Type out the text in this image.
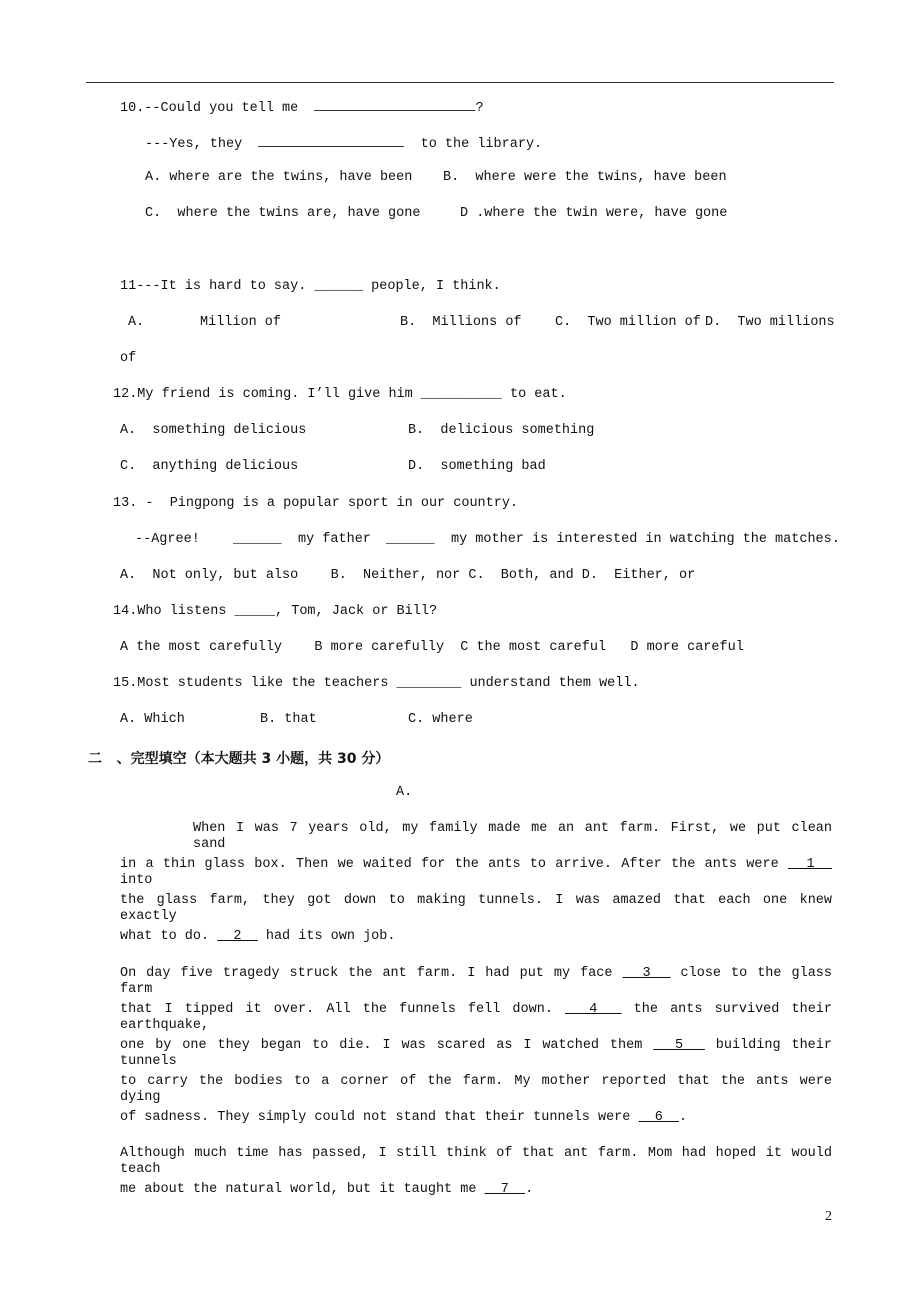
10.--Could you tell me	?
---Yes, they	to the library.
A. where are the twins, have been B.  where were the twins, have been
C.  where the twins are, have gone	D .where the twin were, have gone
11---It is hard to say. ______ people, I think.
A.	Million of	B.  Millions of C.  Two million of D.  Two millions
of
12.My friend is coming. I’ll give him __________ to eat.
A.  something delicious	B.  delicious something
C.  anything delicious	D.  something bad
13. -  Pingpong is a popular sport in our country.
--Agree! ______ my father ______ my mother is interested in watching the matches.
A.  Not only, but also    B.  Neither, nor C.  Both, and D.  Either, or
14.Who listens _____, Tom, Jack or Bill?
A the most carefully    B more carefully  C the most careful   D more careful
15.Most students like the teachers ________ understand them well.
A. Which	B. that	C. where
二   、完型填空（本大题共 3 小题，共 30 分）
A.
When I was 7 years old, my family made me an ant farm. First, we put clean sand
in a thin glass box. Then we waited for the ants to arrive. After the ants were   1   into
the glass farm, they got down to making tunnels. I was amazed that each one knew exactly
what to do.   2   had its own job.
On day five tragedy struck the ant farm. I had put my face   3   close to the glass farm
that I tipped it over. All the funnels fell down.   4   the ants survived their earthquake,
one by one they began to die. I was scared as I watched them   5   building their tunnels
to carry the bodies to a corner of the farm. My mother reported that the ants were dying
of sadness. They simply could not stand that their tunnels were   6  .
Although much time has passed, I still think of that ant farm. Mom had hoped it would teach
me about the natural world, but it taught me   7  .
2
